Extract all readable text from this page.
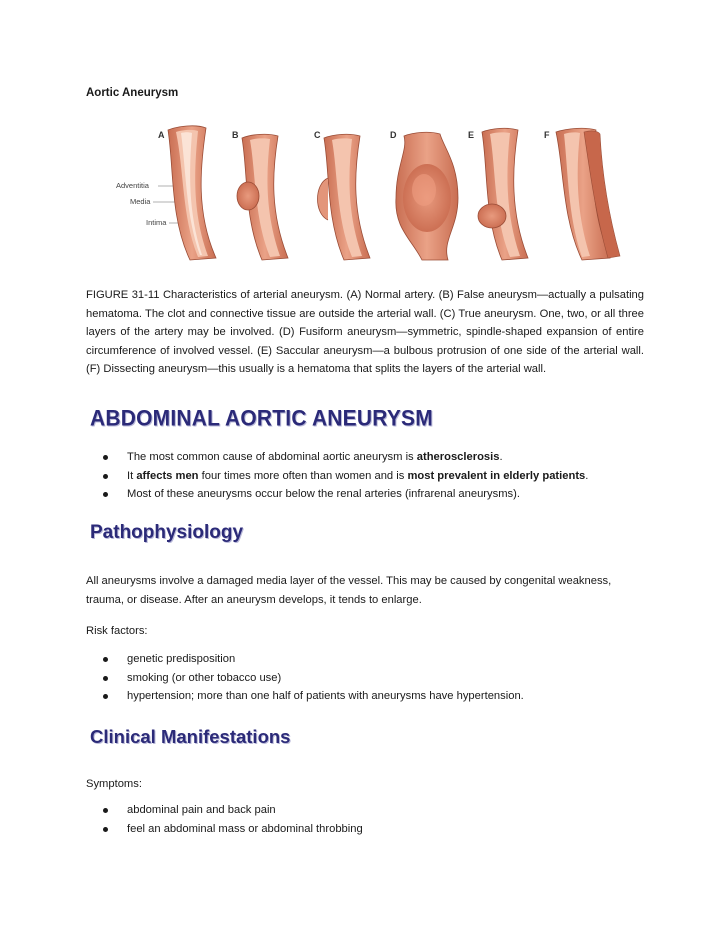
Aortic Aneurysm
A	B	C	D	E	F
Adventitia
Media
Intima
FIGURE 31-11 Characteristics of arterial aneurysm. (A) Normal artery. (B) False aneurysm—actually a pulsating hematoma. The clot and connective tissue are outside the arterial wall. (C) True aneurysm. One, two, or all three layers of the artery may be involved. (D) Fusiform aneurysm—symmetric, spindle-shaped expansion of entire circumference of involved vessel. (E) Saccular aneurysm—a bulbous protrusion of one side of the arterial wall. (F) Dissecting aneurysm—this usually is a hematoma that splits the layers of the arterial wall.
ABDOMINAL AORTIC ANEURYSM
The most common cause of abdominal aortic aneurysm is atherosclerosis.
It affects men four times more often than women and is most prevalent in elderly patients.
Most of these aneurysms occur below the renal arteries (infrarenal aneurysms).
Pathophysiology
All aneurysms involve a damaged media layer of the vessel. This may be caused by congenital weakness,
trauma, or disease. After an aneurysm develops, it tends to enlarge.
Risk factors:
genetic predisposition
smoking (or other tobacco use)
hypertension; more than one half of patients with aneurysms have hypertension.
Clinical Manifestations
Symptoms:
abdominal pain and back pain
feel an abdominal mass or abdominal throbbing
